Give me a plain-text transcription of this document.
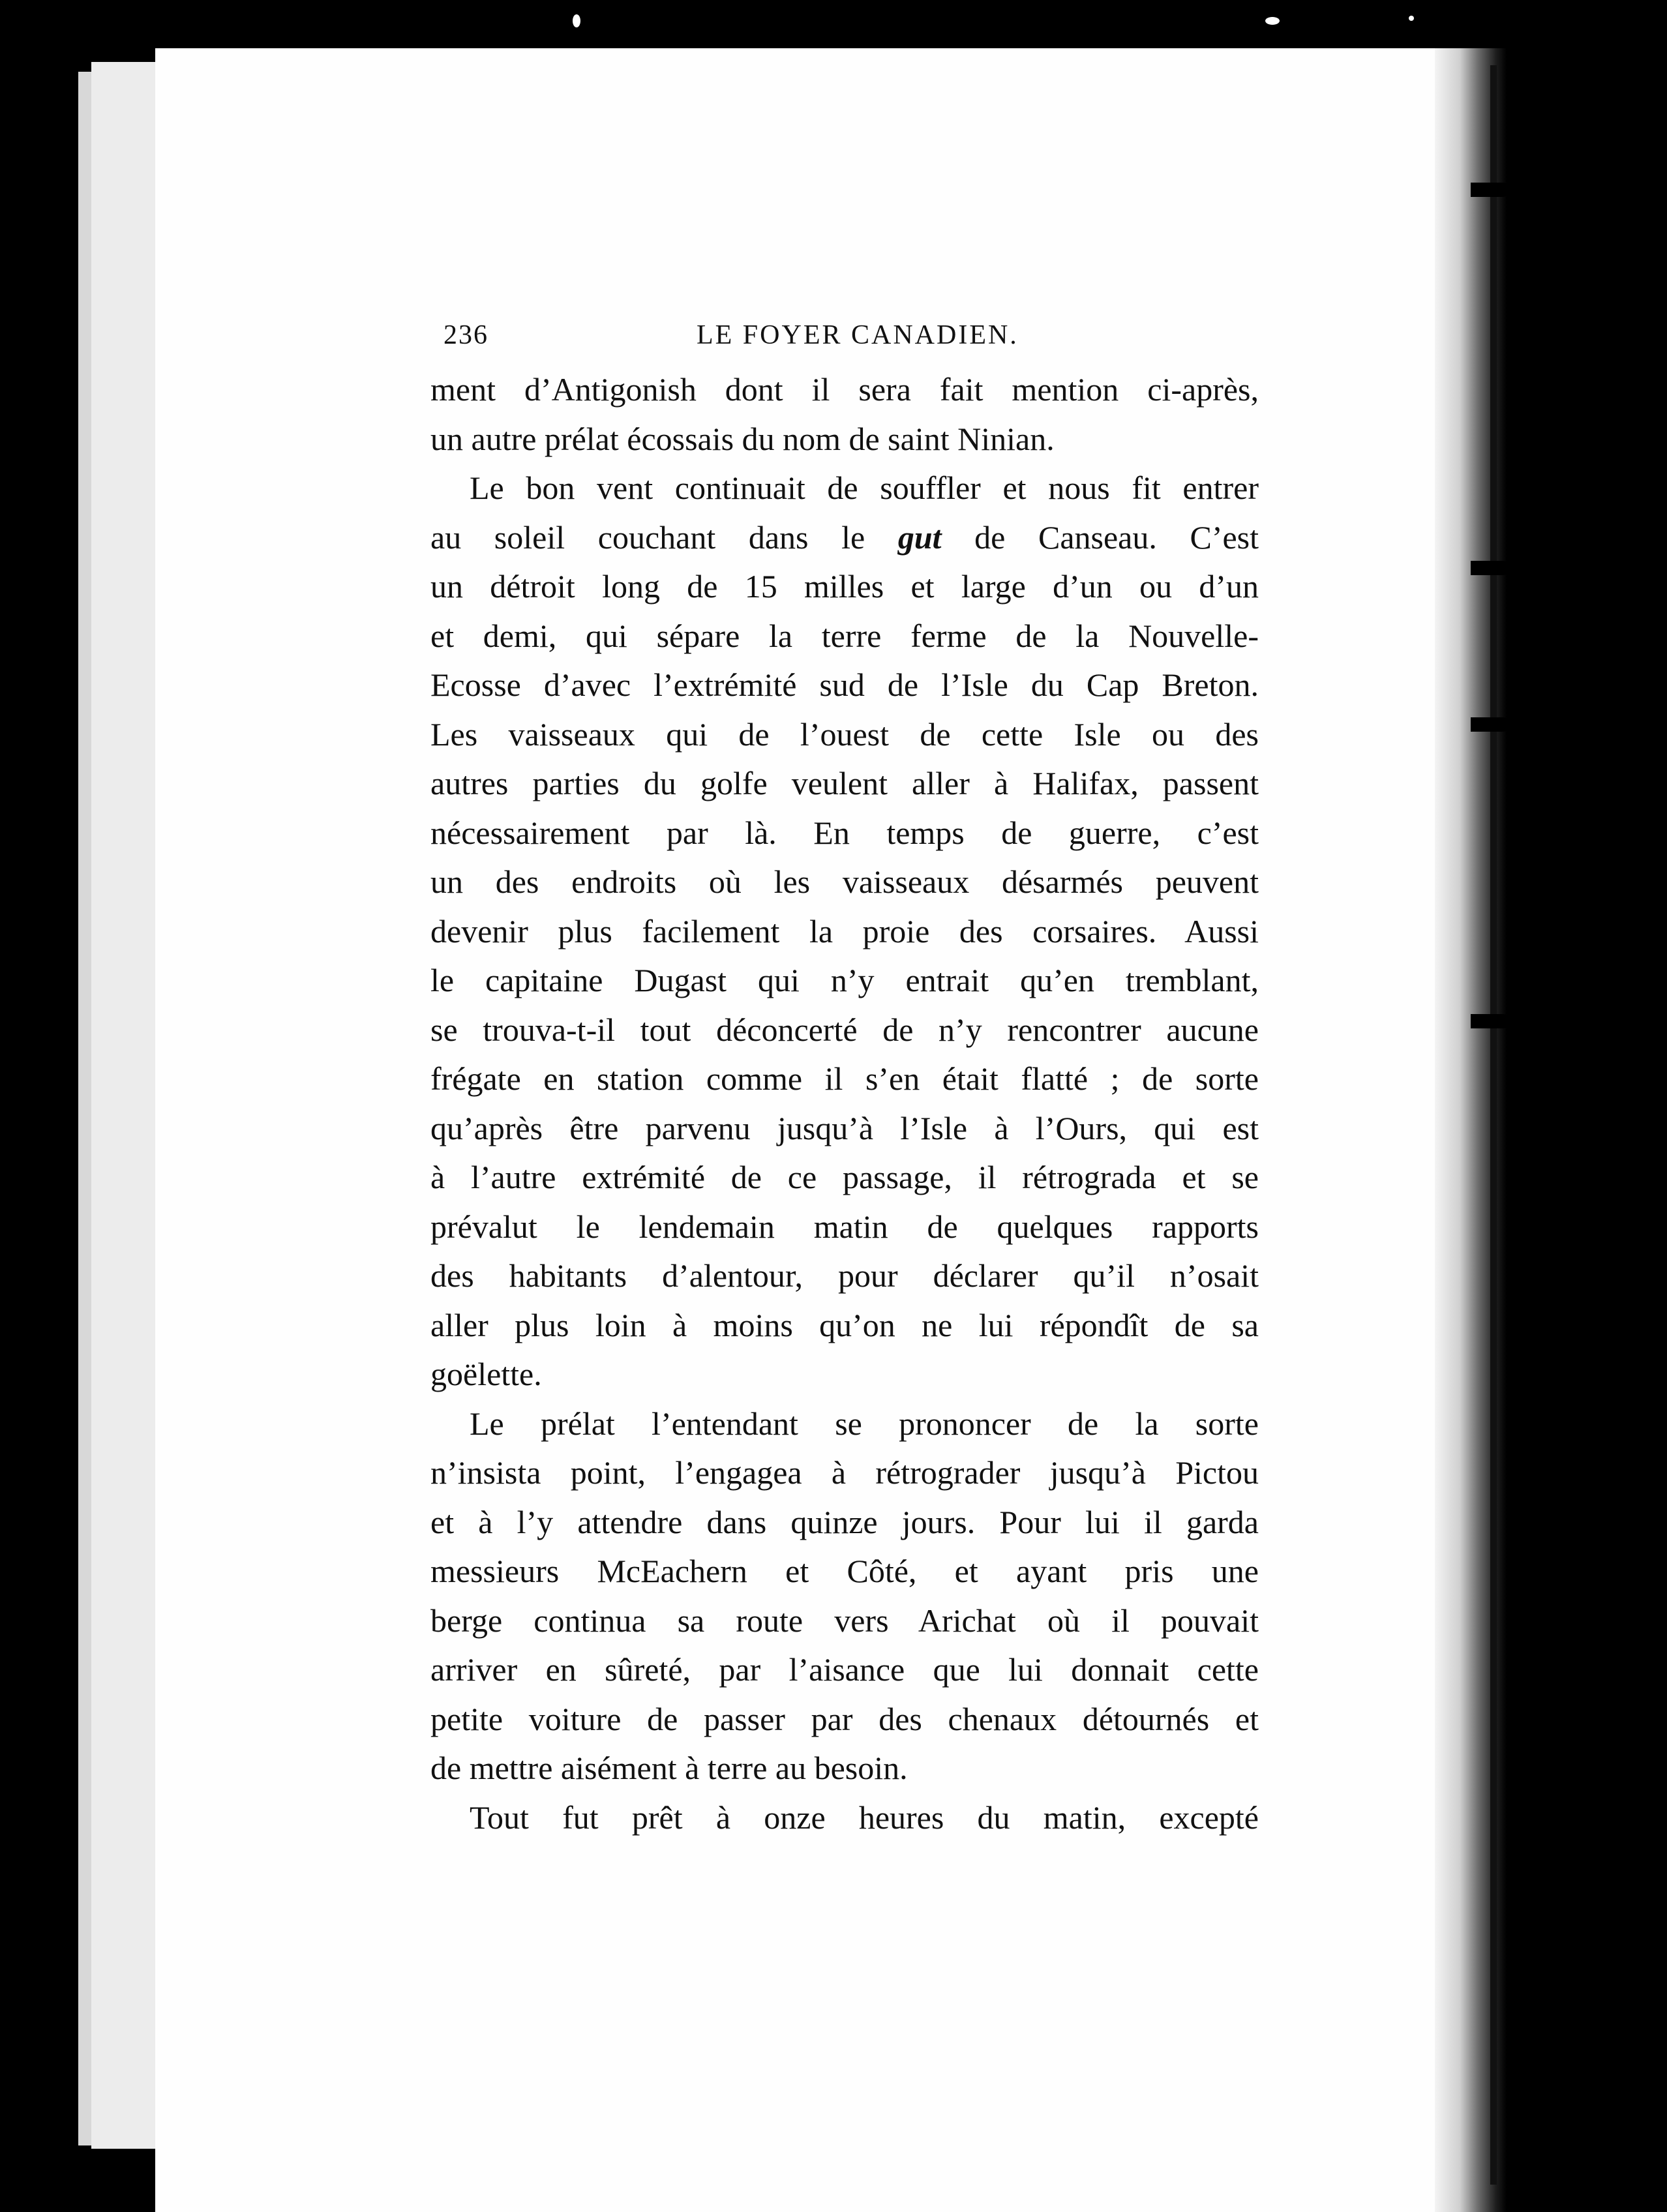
236	LE FOYER CANADIEN.
ment d’Antigonish dont il sera fait mention ci-après,
un autre prélat écossais du nom de saint Ninian.
Le bon vent continuait de souffler et nous fit entrer
au soleil couchant dans le gut de Canseau. C’est
un détroit long de 15 milles et large d’un ou d’un
et demi, qui sépare la terre ferme de la Nouvelle-
Ecosse d’avec l’extrémité sud de l’Isle du Cap Breton.
Les vaisseaux qui de l’ouest de cette Isle ou des
autres parties du golfe veulent aller à Halifax, passent
nécessairement par là. En temps de guerre, c’est
un des endroits où les vaisseaux désarmés peuvent
devenir plus facilement la proie des corsaires. Aussi
le capitaine Dugast qui n’y entrait qu’en tremblant,
se trouva-t-il tout déconcerté de n’y rencontrer aucune
frégate en station comme il s’en était flatté ; de sorte
qu’après être parvenu jusqu’à l’Isle à l’Ours, qui est
à l’autre extrémité de ce passage, il rétrograda et se
prévalut le lendemain matin de quelques rapports
des habitants d’alentour, pour déclarer qu’il n’osait
aller plus loin à moins qu’on ne lui répondît de sa
goëlette.
Le prélat l’entendant se prononcer de la sorte
n’insista point, l’engagea à rétrograder jusqu’à Pictou
et à l’y attendre dans quinze jours. Pour lui il garda
messieurs McEachern et Côté, et ayant pris une
berge continua sa route vers Arichat où il pouvait
arriver en sûreté, par l’aisance que lui donnait cette
petite voiture de passer par des chenaux détournés et
de mettre aisément à terre au besoin.
Tout fut prêt à onze heures du matin, excepté
